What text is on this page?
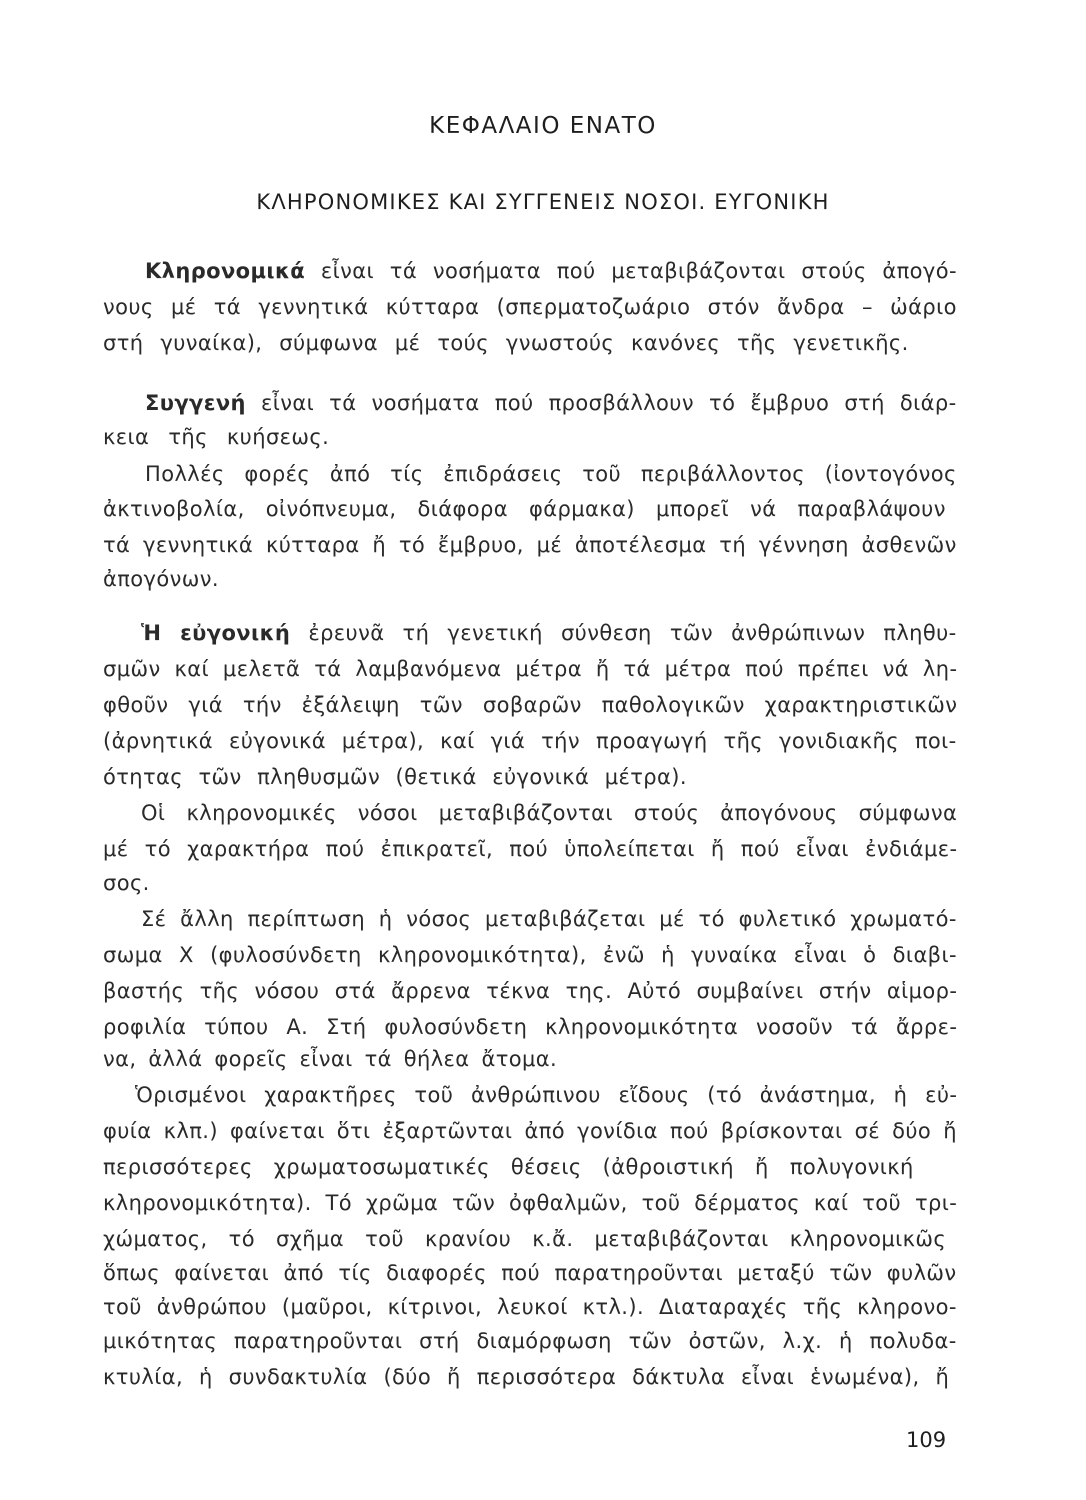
ΚΕΦΑΛΑΙΟ ΕΝΑΤΟ
ΚΛΗΡΟΝΟΜΙΚΕΣ ΚΑΙ ΣΥΓΓΕΝΕΙΣ ΝΟΣΟΙ. ΕΥΓΟΝΙΚΗ
Κληρονομικά εἶναι τά νοσήματα πού μεταβιβάζονται στούς ἀπογό-
νους μέ τά γεννητικά κύτταρα (σπερματοζωάριο στόν ἄνδρα – ὠάριο
στή γυναίκα), σύμφωνα μέ τούς γνωστούς κανόνες τῆς γενετικῆς.
Συγγενή εἶναι τά νοσήματα πού προσβάλλουν τό ἔμβρυο στή διάρ-
κεια τῆς κυήσεως.
Πολλές φορές ἀπό τίς ἐπιδράσεις τοῦ περιβάλλοντος (ἰοντογόνος
ἀκτινοβολία, οἰνόπνευμα, διάφορα φάρμακα) μπορεῖ νά παραβλάψουν
τά γεννητικά κύτταρα ἤ τό ἔμβρυο, μέ ἀποτέλεσμα τή γέννηση ἀσθενῶν
ἀπογόνων.
Ἡ εὐγονική ἐρευνᾶ τή γενετική σύνθεση τῶν ἀνθρώπινων πληθυ-
σμῶν καί μελετᾶ τά λαμβανόμενα μέτρα ἤ τά μέτρα πού πρέπει νά λη-
φθοῦν γιά τήν ἐξάλειψη τῶν σοβαρῶν παθολογικῶν χαρακτηριστικῶν
(ἀρνητικά εὐγονικά μέτρα), καί γιά τήν προαγωγή τῆς γονιδιακῆς ποι-
ότητας τῶν πληθυσμῶν (θετικά εὐγονικά μέτρα).
Οἱ κληρονομικές νόσοι μεταβιβάζονται στούς ἀπογόνους σύμφωνα
μέ τό χαρακτήρα πού ἐπικρατεῖ, πού ὑπολείπεται ἤ πού εἶναι ἐνδιάμε-
σος.
Σέ ἄλλη περίπτωση ἡ νόσος μεταβιβάζεται μέ τό φυλετικό χρωματό-
σωμα Χ (φυλοσύνδετη κληρονομικότητα), ἐνῶ ἡ γυναίκα εἶναι ὁ διαβι-
βαστής τῆς νόσου στά ἄρρενα τέκνα της. Αὐτό συμβαίνει στήν αἱμορ-
ροφιλία τύπου Α. Στή φυλοσύνδετη κληρονομικότητα νοσοῦν τά ἄρρε-
να, ἀλλά φορεῖς εἶναι τά θήλεα ἄτομα.
Ὁρισμένοι χαρακτῆρες τοῦ ἀνθρώπινου εἴδους (τό ἀνάστημα, ἡ εὐ-
φυία κλπ.) φαίνεται ὅτι ἐξαρτῶνται ἀπό γονίδια πού βρίσκονται σέ δύο ἤ
περισσότερες χρωματοσωματικές θέσεις (ἀθροιστική ἤ πολυγονική
κληρονομικότητα). Τό χρῶμα τῶν ὀφθαλμῶν, τοῦ δέρματος καί τοῦ τρι-
χώματος, τό σχῆμα τοῦ κρανίου κ.ἄ. μεταβιβάζονται κληρονομικῶς
ὅπως φαίνεται ἀπό τίς διαφορές πού παρατηροῦνται μεταξύ τῶν φυλῶν
τοῦ ἀνθρώπου (μαῦροι, κίτρινοι, λευκοί κτλ.). Διαταραχές τῆς κληρονο-
μικότητας παρατηροῦνται στή διαμόρφωση τῶν ὀστῶν, λ.χ. ἡ πολυδα-
κτυλία, ἡ συνδακτυλία (δύο ἤ περισσότερα δάκτυλα εἶναι ἑνωμένα), ἤ
109
